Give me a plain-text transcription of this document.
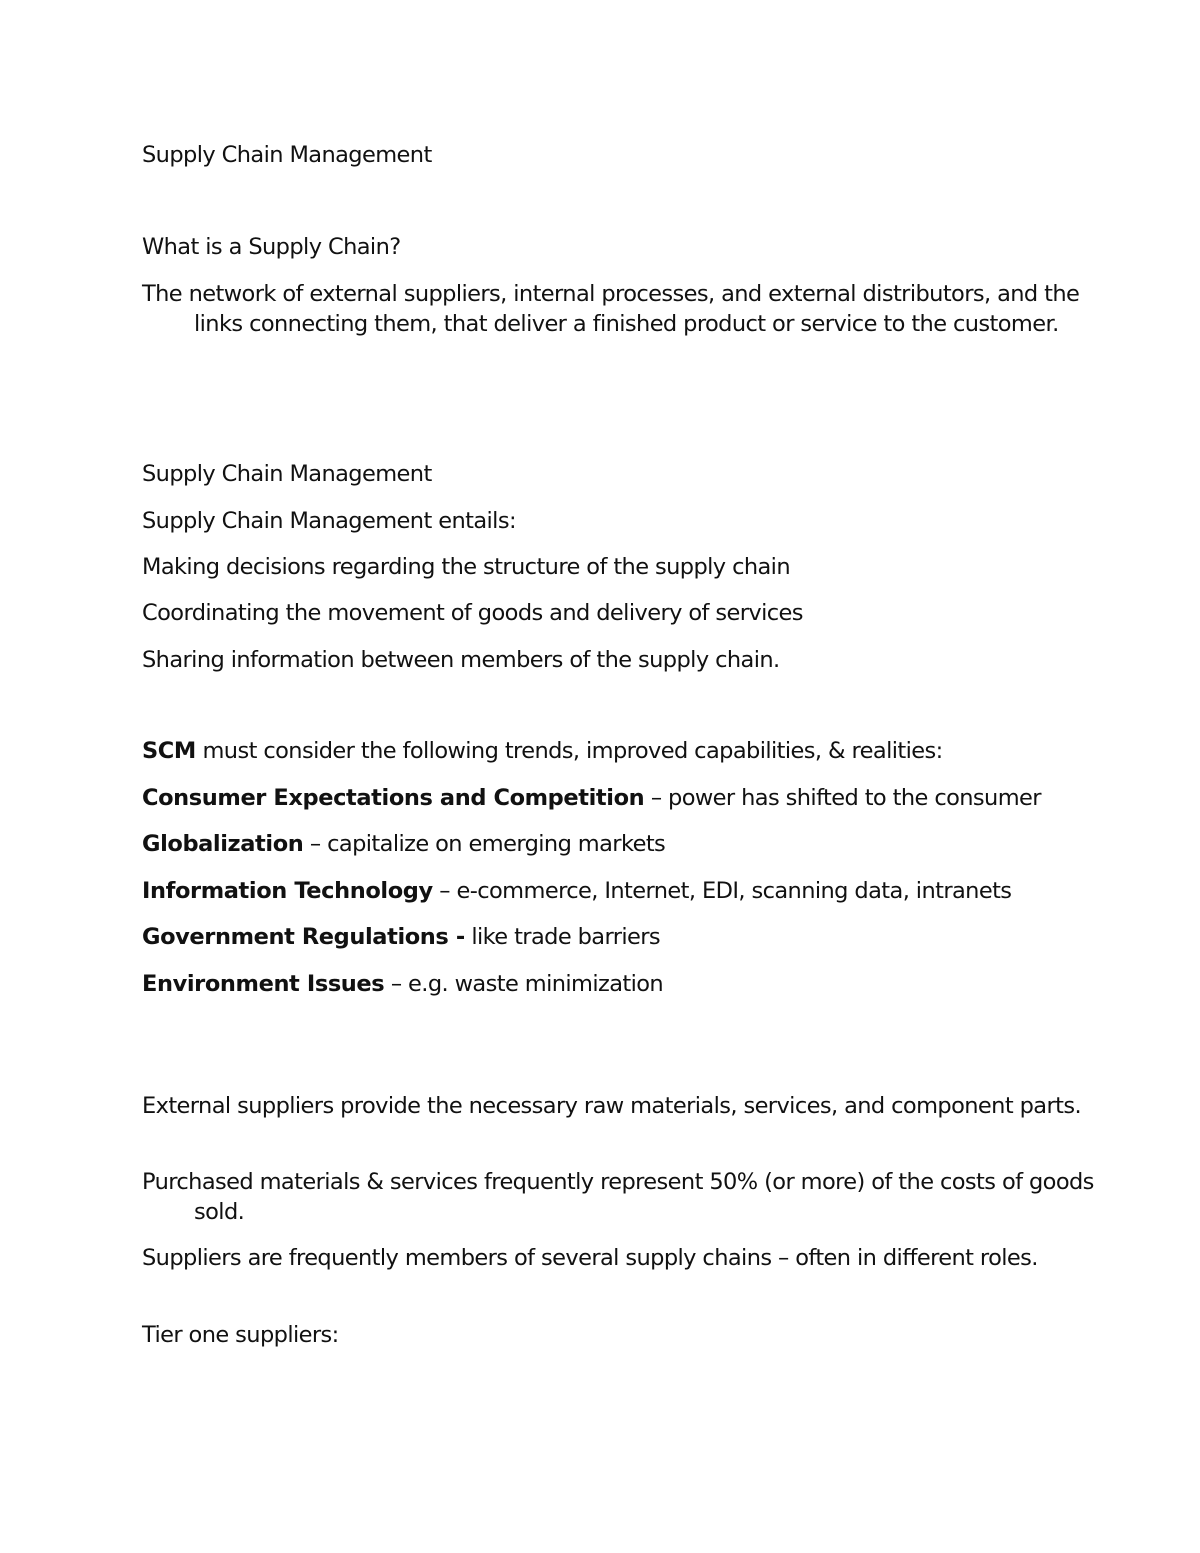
Supply Chain Management
What is a Supply Chain?
The network of external suppliers, internal processes, and external distributors, and the links connecting them, that deliver a finished product or service to the customer.
Supply Chain Management
Supply Chain Management entails:
Making decisions regarding the structure of the supply chain
Coordinating the movement of goods and delivery of services
Sharing information between members of the supply chain.
SCM must consider the following trends, improved capabilities, & realities:
Consumer Expectations and Competition – power has shifted to the consumer
Globalization – capitalize on emerging markets
Information Technology – e-commerce, Internet, EDI, scanning data, intranets
Government Regulations - like trade barriers
Environment Issues – e.g. waste minimization
External suppliers provide the necessary raw materials, services, and component parts.
Purchased materials & services frequently represent 50% (or more) of the costs of goods sold.
Suppliers are frequently members of several supply chains – often in different roles.
Tier one suppliers:
